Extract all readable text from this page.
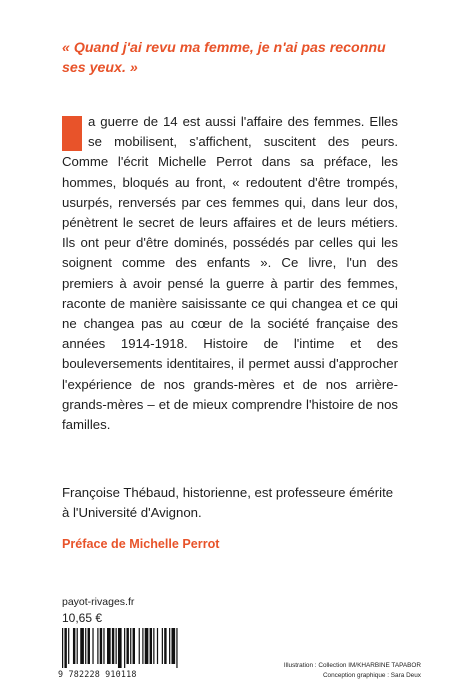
« Quand j'ai revu ma femme, je n'ai pas reconnu ses yeux. »

a guerre de 14 est aussi l'affaire des femmes. Elles se mobilisent, s'affichent, suscitent des peurs. Comme l'écrit Michelle Perrot dans sa préface, les hommes, bloqués au front, « redoutent d'être trompés, usurpés, renversés par ces femmes qui, dans leur dos, pénètrent le secret de leurs affaires et de leurs métiers. Ils ont peur d'être dominés, possédés par celles qui les soignent comme des enfants ». Ce livre, l'un des premiers à avoir pensé la guerre à partir des femmes, raconte de manière saisissante ce qui changea et ce qui ne changea pas au cœur de la société française des années 1914-1918. Histoire de l'intime et des bouleversements identitaires, il permet aussi d'approcher l'expérience de nos grands-mères et de nos arrière-grands-mères – et de mieux comprendre l'histoire de nos familles.

Françoise Thébaud, historienne, est professeure émérite à l'Université d'Avignon.

Préface de Michelle Perrot

payot-rivages.fr
10,65 €
9 782228 910118
Illustration : Collection IM/KHARBINE TAPABOR
Conception graphique : Sara Deux
